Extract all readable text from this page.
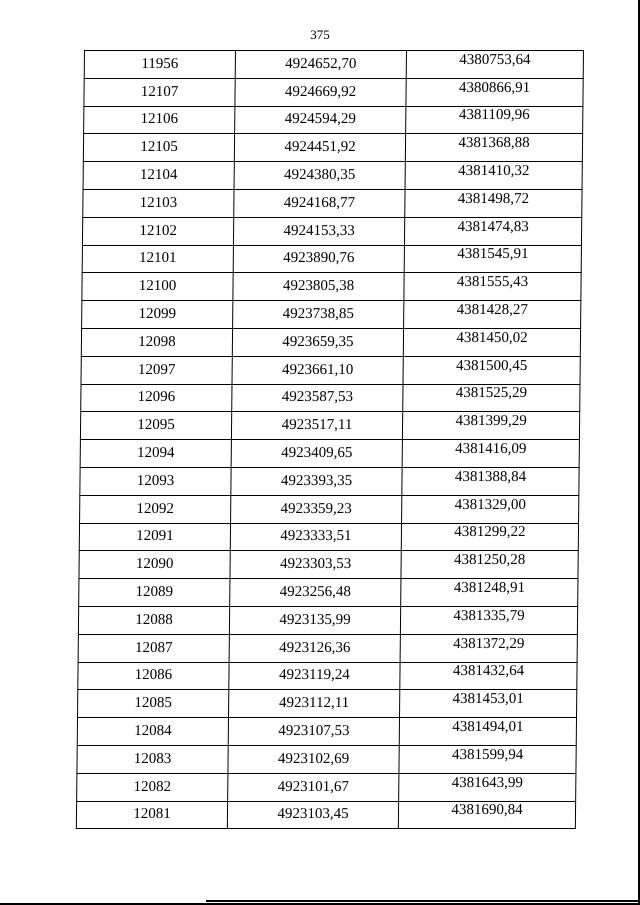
375
11956	4924652,70	4380753,64
12107	4924669,92	4380866,91
12106	4924594,29	4381109,96
12105	4924451,92	4381368,88
12104	4924380,35	4381410,32
12103	4924168,77	4381498,72
12102	4924153,33	4381474,83
12101	4923890,76	4381545,91
12100	4923805,38	4381555,43
12099	4923738,85	4381428,27
12098	4923659,35	4381450,02
12097	4923661,10	4381500,45
12096	4923587,53	4381525,29
12095	4923517,11	4381399,29
12094	4923409,65	4381416,09
12093	4923393,35	4381388,84
12092	4923359,23	4381329,00
12091	4923333,51	4381299,22
12090	4923303,53	4381250,28
12089	4923256,48	4381248,91
12088	4923135,99	4381335,79
12087	4923126,36	4381372,29
12086	4923119,24	4381432,64
12085	4923112,11	4381453,01
12084	4923107,53	4381494,01
12083	4923102,69	4381599,94
12082	4923101,67	4381643,99
12081	4923103,45	4381690,84
